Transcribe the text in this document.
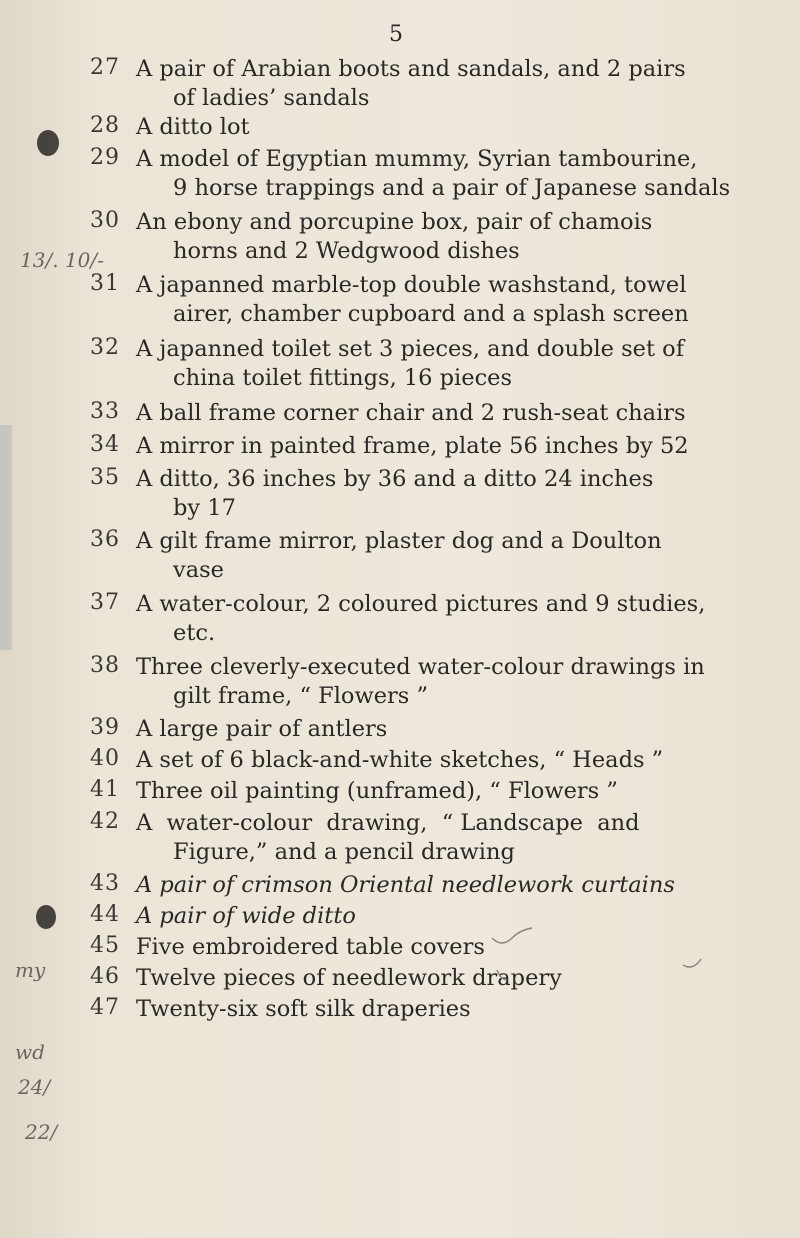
13/. 10/-
my
wd
24/
22/
5
27 A pair of Arabian boots and sandals, and 2 pairs
of ladies’ sandals
28 A ditto lot
29 A model of Egyptian mummy, Syrian tambourine,
9 horse trappings and a pair of Japanese sandals
30 An ebony and porcupine box, pair of chamois
horns and 2 Wedgwood dishes
31 A japanned marble-top double washstand, towel
airer, chamber cupboard and a splash screen
32 A japanned toilet set 3 pieces, and double set of
china toilet fittings, 16 pieces
33 A ball frame corner chair and 2 rush-seat chairs
34 A mirror in painted frame, plate 56 inches by 52
35 A ditto, 36 inches by 36 and a ditto 24 inches
by 17
36 A gilt frame mirror, plaster dog and a Doulton
vase
37 A water-colour, 2 coloured pictures and 9 studies,
etc.
38 Three cleverly-executed water-colour drawings in
gilt frame, “ Flowers ”
39 A large pair of antlers
40 A set of 6 black-and-white sketches, “ Heads ”
41 Three oil painting (unframed), “ Flowers ”
42 A  water-colour  drawing,  “ Landscape  and
Figure,” and a pencil drawing
43 A pair of crimson Oriental needlework curtains
44 A pair of wide ditto
45 Five embroidered table covers
46 Twelve pieces of needlework drapery
47 Twenty-six soft silk draperies
